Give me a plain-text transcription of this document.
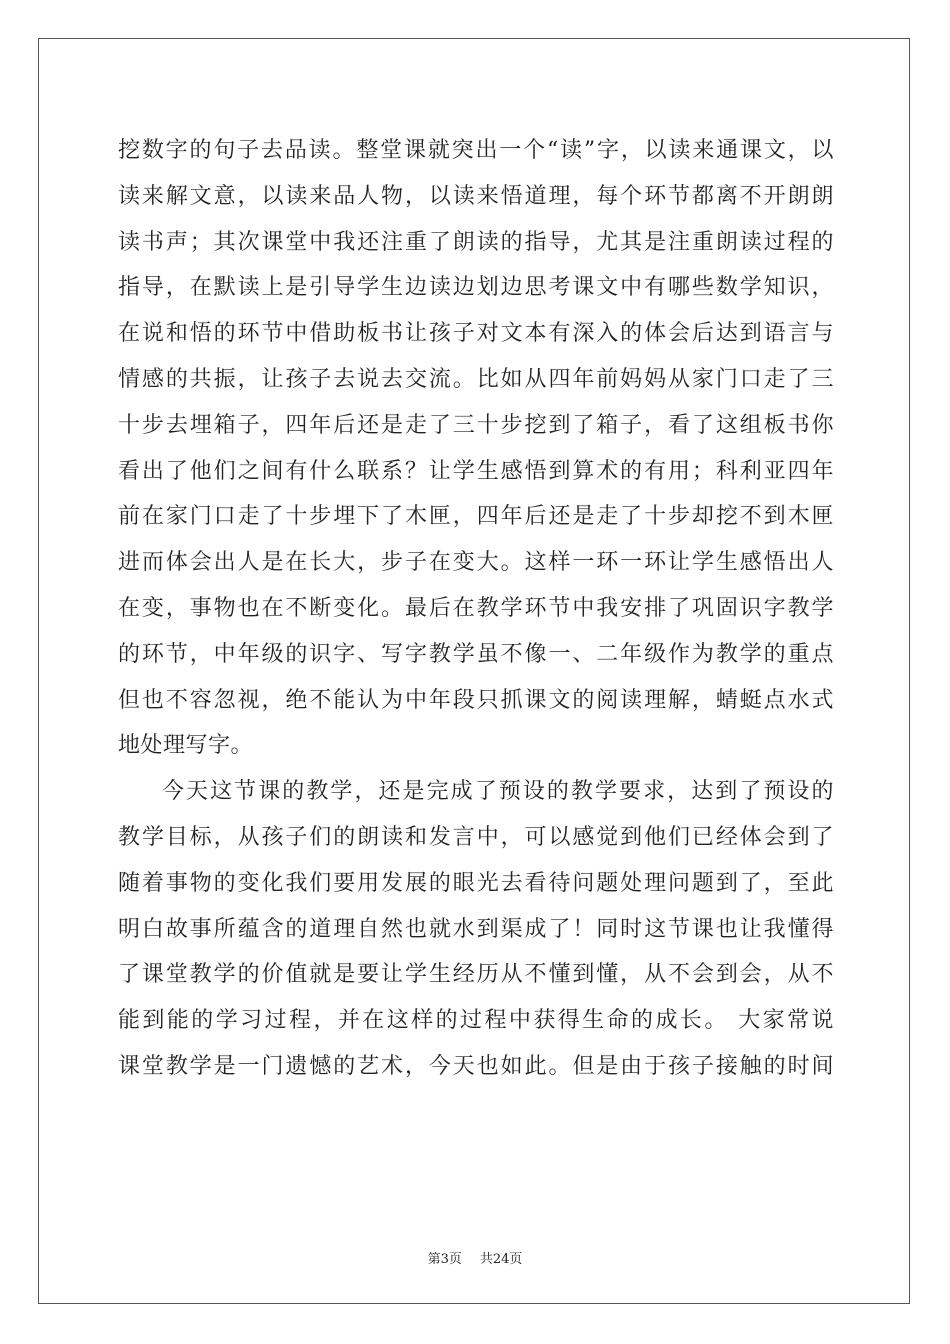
挖数字的句子去品读。整堂课就突出一个“读”字，以读来通课文，以
读来解文意，以读来品人物，以读来悟道理，每个环节都离不开朗朗
读书声；其次课堂中我还注重了朗读的指导，尤其是注重朗读过程的
指导，在默读上是引导学生边读边划边思考课文中有哪些数学知识，
在说和悟的环节中借助板书让孩子对文本有深入的体会后达到语言与
情感的共振，让孩子去说去交流。比如从四年前妈妈从家门口走了三
十步去埋箱子，四年后还是走了三十步挖到了箱子，看了这组板书你
看出了他们之间有什么联系？让学生感悟到算术的有用；科利亚四年
前在家门口走了十步埋下了木匣，四年后还是走了十步却挖不到木匣
进而体会出人是在长大，步子在变大。这样一环一环让学生感悟出人
在变，事物也在不断变化。最后在教学环节中我安排了巩固识字教学
的环节，中年级的识字、写字教学虽不像一、二年级作为教学的重点
但也不容忽视，绝不能认为中年段只抓课文的阅读理解，蜻蜓点水式
地处理写字。
今天这节课的教学，还是完成了预设的教学要求，达到了预设的
教学目标，从孩子们的朗读和发言中，可以感觉到他们已经体会到了
随着事物的变化我们要用发展的眼光去看待问题处理问题到了，至此
明白故事所蕴含的道理自然也就水到渠成了！同时这节课也让我懂得
了课堂教学的价值就是要让学生经历从不懂到懂，从不会到会，从不
能到能的学习过程，并在这样的过程中获得生命的成长。 大家常说
课堂教学是一门遗憾的艺术，今天也如此。但是由于孩子接触的时间
第3页 共24页
